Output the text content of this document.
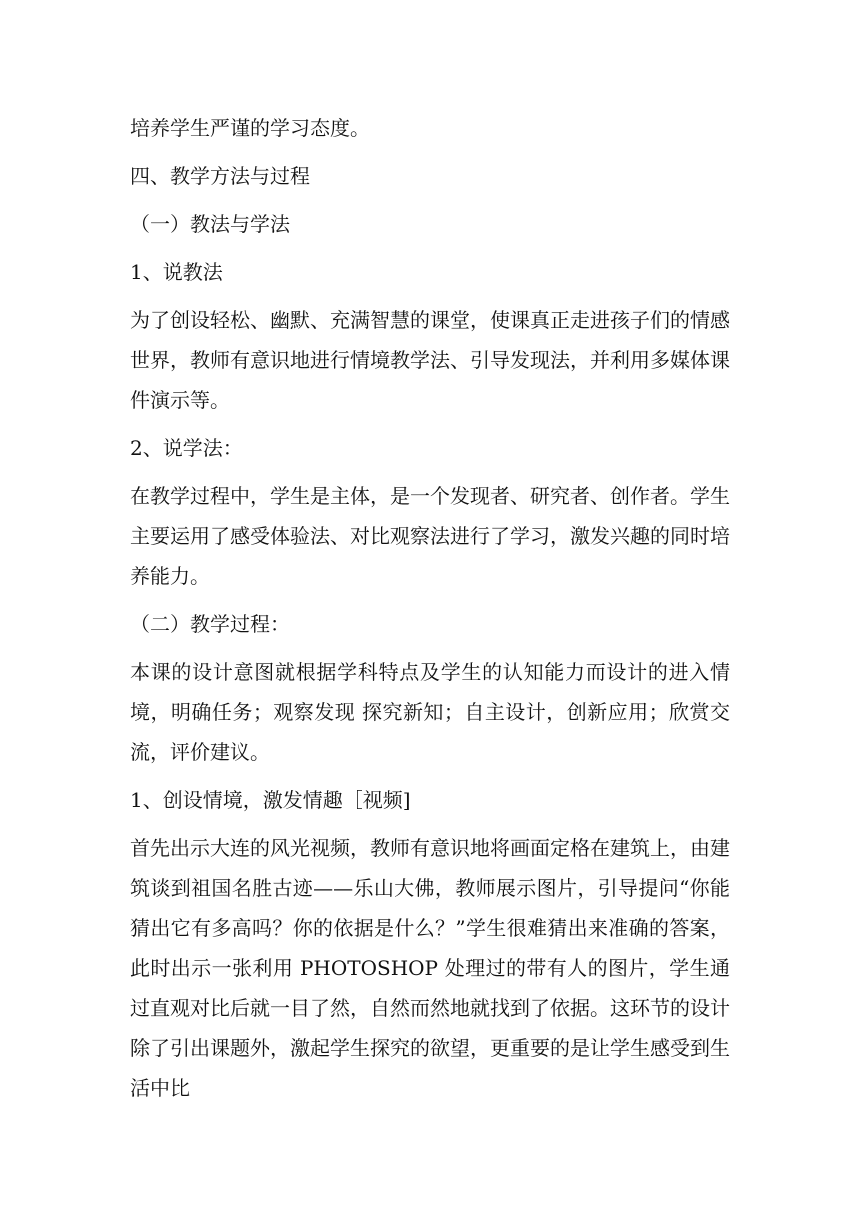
培养学生严谨的学习态度。

四、教学方法与过程

（一）教法与学法

1、说教法

为了创设轻松、幽默、充满智慧的课堂，使课真正走进孩子们的情感世界，教师有意识地进行情境教学法、引导发现法，并利用多媒体课件演示等。

2、说学法：

在教学过程中，学生是主体，是一个发现者、研究者、创作者。学生主要运用了感受体验法、对比观察法进行了学习，激发兴趣的同时培养能力。

（二）教学过程：

本课的设计意图就根据学科特点及学生的认知能力而设计的进入情境，明确任务；观察发现 探究新知；自主设计，创新应用；欣赏交流，评价建议。

1、创设情境，激发情趣［视频]

首先出示大连的风光视频，教师有意识地将画面定格在建筑上，由建筑谈到祖国名胜古迹——乐山大佛，教师展示图片，引导提问“你能猜出它有多高吗？你的依据是什么？”学生很难猜出来准确的答案，此时出示一张利用 PHOTOSHOP 处理过的带有人的图片，学生通过直观对比后就一目了然，自然而然地就找到了依据。这环节的设计除了引出课题外，激起学生探究的欲望，更重要的是让学生感受到生活中比
